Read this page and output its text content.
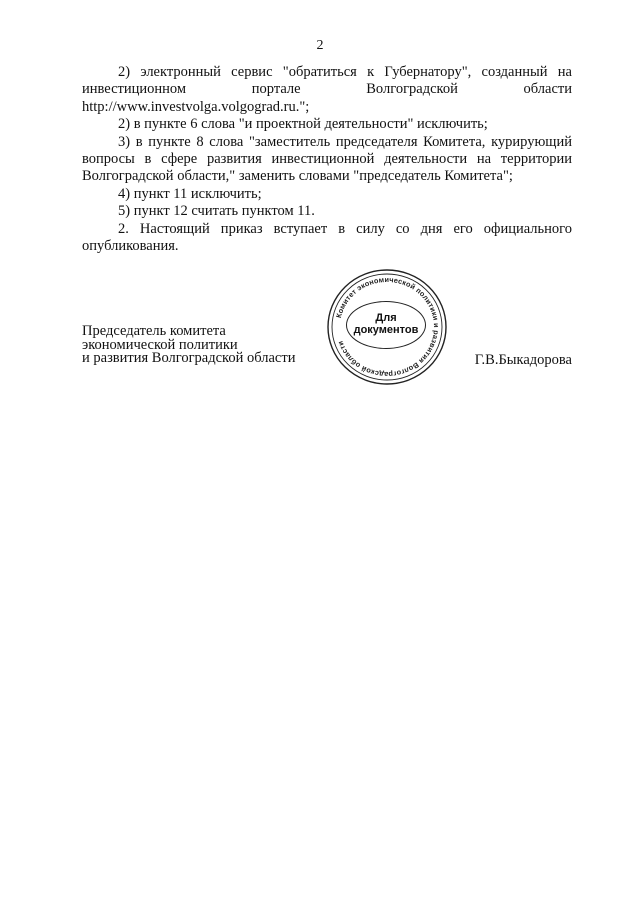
2

2) электронный сервис "обратиться к Губернатору", созданный на инвестиционном портале Волгоградской области http://www.investvolga.volgograd.ru.";

2) в пункте 6 слова "и проектной деятельности" исключить;

3) в пункте 8 слова "заместитель председателя Комитета, курирующий вопросы в сфере развития инвестиционной деятельности на территории Волгоградской области," заменить словами "председатель Комитета";

4) пункт 11 исключить;

5) пункт 12 считать пунктом 11.

2. Настоящий приказ вступает в силу со дня его официального опубликования.

Председатель комитета
экономической политики
и развития Волгоградской области	Г.В.Быкадорова
Комитет экономической политики и развития Волгоградской области
Для
документов
